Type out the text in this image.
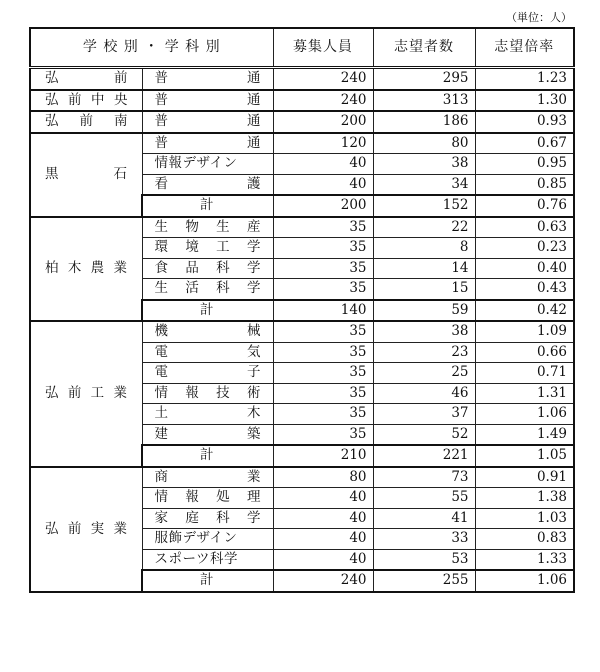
（単位：人）
学 校 別 ・ 学 科 別		募集人員	志望者数	志望倍率
弘前	普通	240	295	1.23
弘前中央	普通	240	313	1.30
弘前南	普通	200	186	0.93
黒石	普通	120	80	0.67
	情報デザイン	40	38	0.95
	看護	40	34	0.85
	計	200	152	0.76
柏木農業	生物生産	35	22	0.63
	環境工学	35	8	0.23
	食品科学	35	14	0.40
	生活科学	35	15	0.43
	計	140	59	0.42
弘前工業	機械	35	38	1.09
	電気	35	23	0.66
	電子	35	25	0.71
	情報技術	35	46	1.31
	土木	35	37	1.06
	建築	35	52	1.49
	計	210	221	1.05
弘前実業	商業	80	73	0.91
	情報処理	40	55	1.38
	家庭科学	40	41	1.03
	服飾デザイン	40	33	0.83
	スポーツ科学	40	53	1.33
	計	240	255	1.06
